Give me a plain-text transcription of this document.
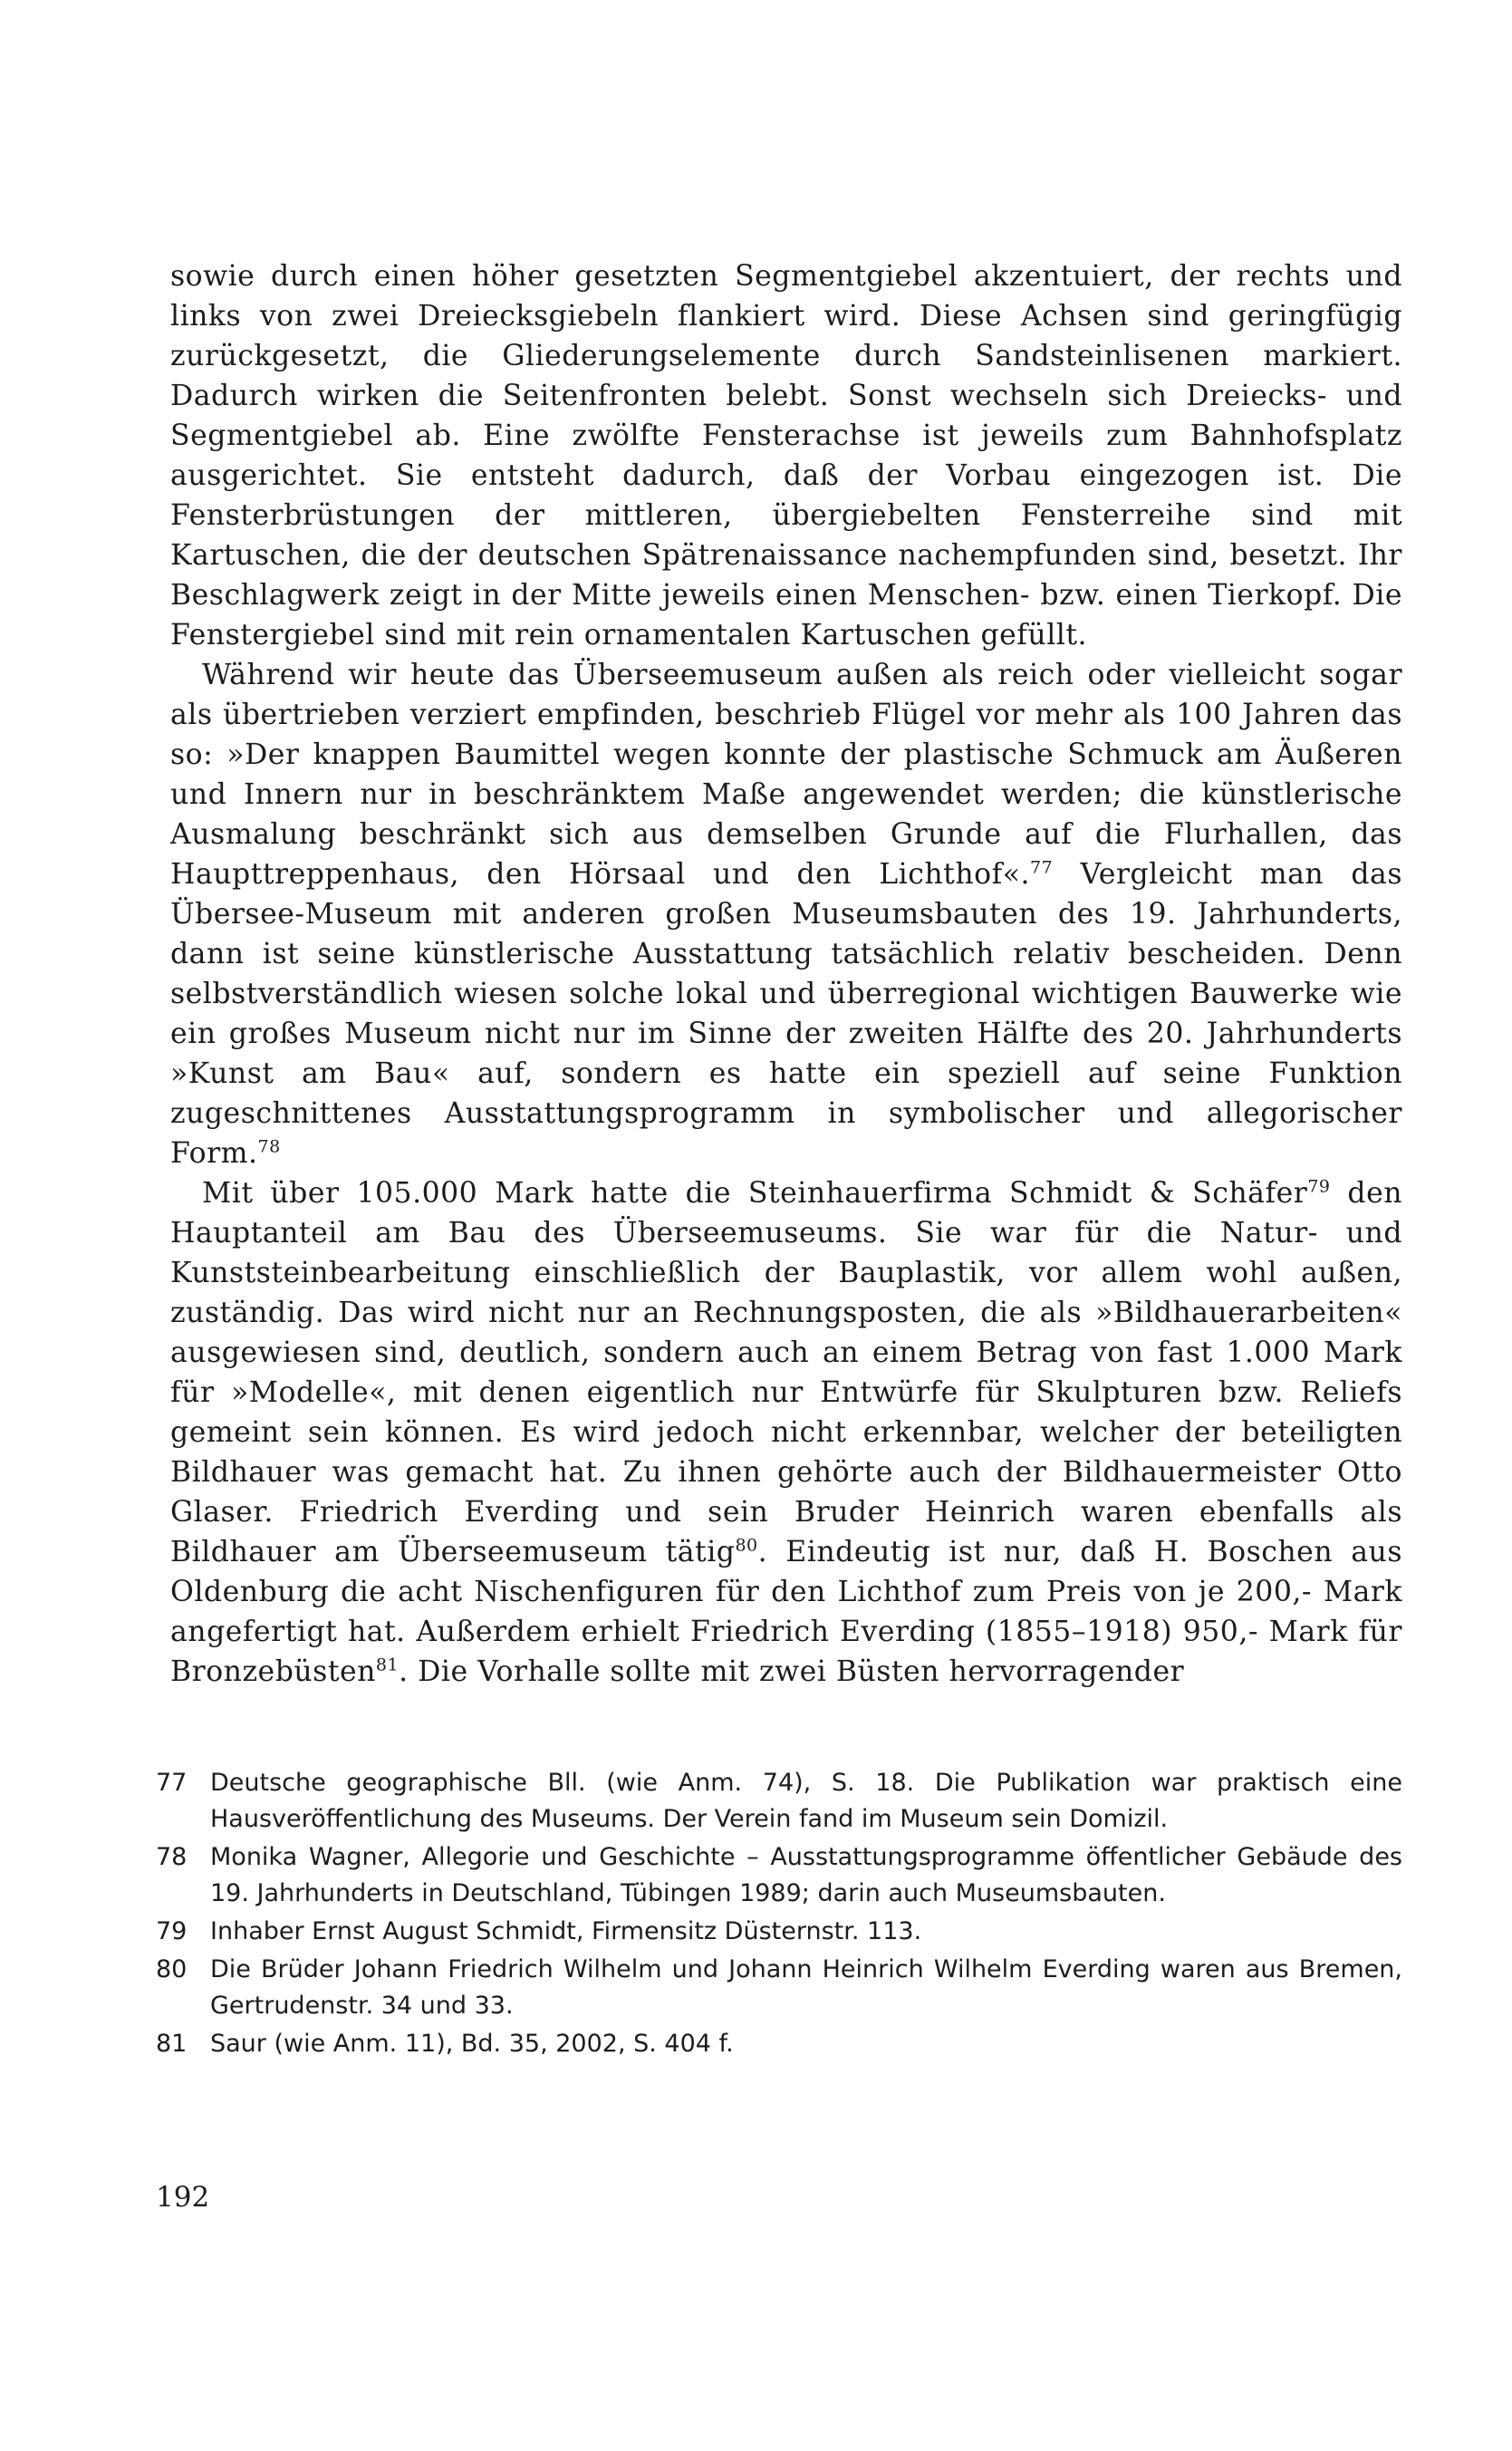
sowie durch einen höher gesetzten Segmentgiebel akzentuiert, der rechts und links von zwei Dreiecksgiebeln flankiert wird. Diese Achsen sind geringfügig zurückgesetzt, die Gliederungselemente durch Sandsteinlisenen markiert. Dadurch wirken die Seitenfronten belebt. Sonst wechseln sich Dreiecks- und Segmentgiebel ab. Eine zwölfte Fensterachse ist jeweils zum Bahnhofsplatz ausgerichtet. Sie entsteht dadurch, daß der Vorbau eingezogen ist. Die Fensterbrüstungen der mittleren, übergiebelten Fensterreihe sind mit Kartuschen, die der deutschen Spätrenaissance nachempfunden sind, besetzt. Ihr Beschlagwerk zeigt in der Mitte jeweils einen Menschen- bzw. einen Tierkopf. Die Fenstergiebel sind mit rein ornamentalen Kartuschen gefüllt.

Während wir heute das Überseemuseum außen als reich oder vielleicht sogar als übertrieben verziert empfinden, beschrieb Flügel vor mehr als 100 Jahren das so: »Der knappen Baumittel wegen konnte der plastische Schmuck am Äußeren und Innern nur in beschränktem Maße angewendet werden; die künstlerische Ausmalung beschränkt sich aus demselben Grunde auf die Flurhallen, das Haupttreppenhaus, den Hörsaal und den Lichthof«.$^{77}$ Vergleicht man das Übersee-Museum mit anderen großen Museumsbauten des 19. Jahrhunderts, dann ist seine künstlerische Ausstattung tatsächlich relativ bescheiden. Denn selbstverständlich wiesen solche lokal und überregional wichtigen Bauwerke wie ein großes Museum nicht nur im Sinne der zweiten Hälfte des 20. Jahrhunderts »Kunst am Bau« auf, sondern es hatte ein speziell auf seine Funktion zugeschnittenes Ausstattungsprogramm in symbolischer und allegorischer Form.$^{78}$

Mit über 105.000 Mark hatte die Steinhauerfirma Schmidt & Schäfer$^{79}$ den Hauptanteil am Bau des Überseemuseums. Sie war für die Natur- und Kunststeinbearbeitung einschließlich der Bauplastik, vor allem wohl außen, zuständig. Das wird nicht nur an Rechnungsposten, die als »Bildhauerarbeiten« ausgewiesen sind, deutlich, sondern auch an einem Betrag von fast 1.000 Mark für »Modelle«, mit denen eigentlich nur Entwürfe für Skulpturen bzw. Reliefs gemeint sein können. Es wird jedoch nicht erkennbar, welcher der beteiligten Bildhauer was gemacht hat. Zu ihnen gehörte auch der Bildhauermeister Otto Glaser. Friedrich Everding und sein Bruder Heinrich waren ebenfalls als Bildhauer am Überseemuseum tätig$^{80}$. Eindeutig ist nur, daß H. Boschen aus Oldenburg die acht Nischenfiguren für den Lichthof zum Preis von je 200,- Mark angefertigt hat. Außerdem erhielt Friedrich Everding (1855–1918) 950,- Mark für Bronzebüsten$^{81}$. Die Vorhalle sollte mit zwei Büsten hervorragender

77 Deutsche geographische Bll. (wie Anm. 74), S. 18. Die Publikation war praktisch eine Hausveröffentlichung des Museums. Der Verein fand im Museum sein Domizil.
78 Monika Wagner, Allegorie und Geschichte – Ausstattungsprogramme öffentlicher Gebäude des 19. Jahrhunderts in Deutschland, Tübingen 1989; darin auch Museumsbauten.
79 Inhaber Ernst August Schmidt, Firmensitz Düsternstr. 113.
80 Die Brüder Johann Friedrich Wilhelm und Johann Heinrich Wilhelm Everding waren aus Bremen, Gertrudenstr. 34 und 33.
81 Saur (wie Anm. 11), Bd. 35, 2002, S. 404 f.
192
